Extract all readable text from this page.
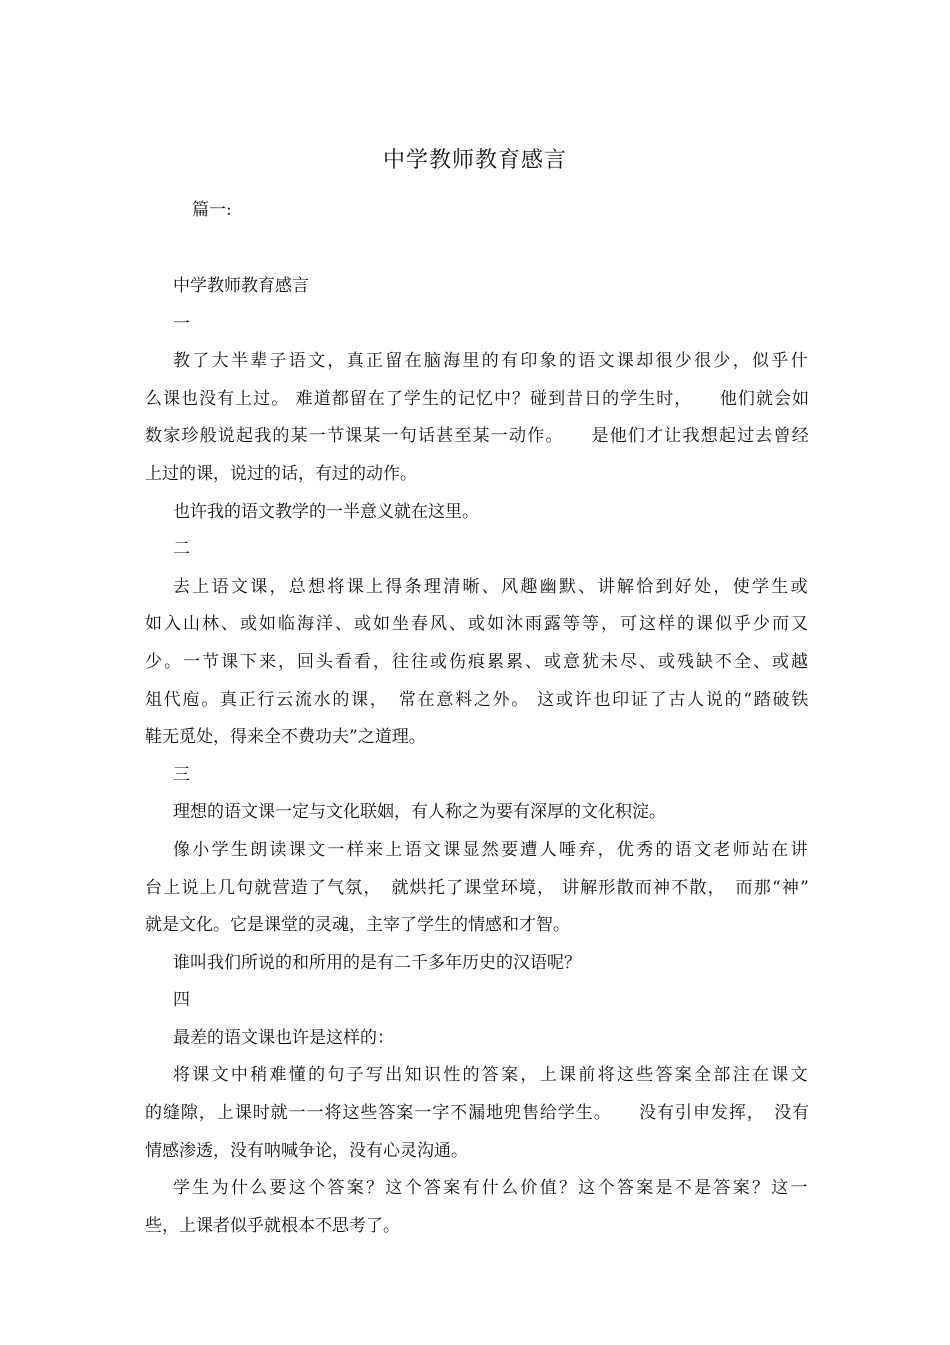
中学教师教育感言
篇一:
中学教师教育感言
一
教了大半辈子语文，真正留在脑海里的有印象的语文课却很少很少，似乎什
么课也没有上过。 难道都留在了学生的记忆中？碰到昔日的学生时，　　他们就会如
数家珍般说起我的某一节课某一句话甚至某一动作。　　是他们才让我想起过去曾经
上过的课，说过的话，有过的动作。
也许我的语文教学的一半意义就在这里。
二
去上语文课，总想将课上得条理清晰、风趣幽默、讲解恰到好处，使学生或
如入山林、或如临海洋、或如坐春风、或如沐雨露等等，可这样的课似乎少而又
少。一节课下来，回头看看，往往或伤痕累累、或意犹未尽、或残缺不全、或越
俎代庖。真正行云流水的课，　常在意料之外。 这或许也印证了古人说的“踏破铁
鞋无觅处，得来全不费功夫”之道理。
三
理想的语文课一定与文化联姻，有人称之为要有深厚的文化积淀。
像小学生朗读课文一样来上语文课显然要遭人唾弃，优秀的语文老师站在讲
台上说上几句就营造了气氛，　就烘托了课堂环境， 讲解形散而神不散，　而那“神”
就是文化。它是课堂的灵魂，主宰了学生的情感和才智。
谁叫我们所说的和所用的是有二千多年历史的汉语呢？
四
最差的语文课也许是这样的：
将课文中稍难懂的句子写出知识性的答案，上课前将这些答案全部注在课文
的缝隙，上课时就一一将这些答案一字不漏地兜售给学生。　　没有引申发挥，　没有
情感渗透，没有呐喊争论，没有心灵沟通。
学生为什么要这个答案？这个答案有什么价值？这个答案是不是答案？这一
些，上课者似乎就根本不思考了。
